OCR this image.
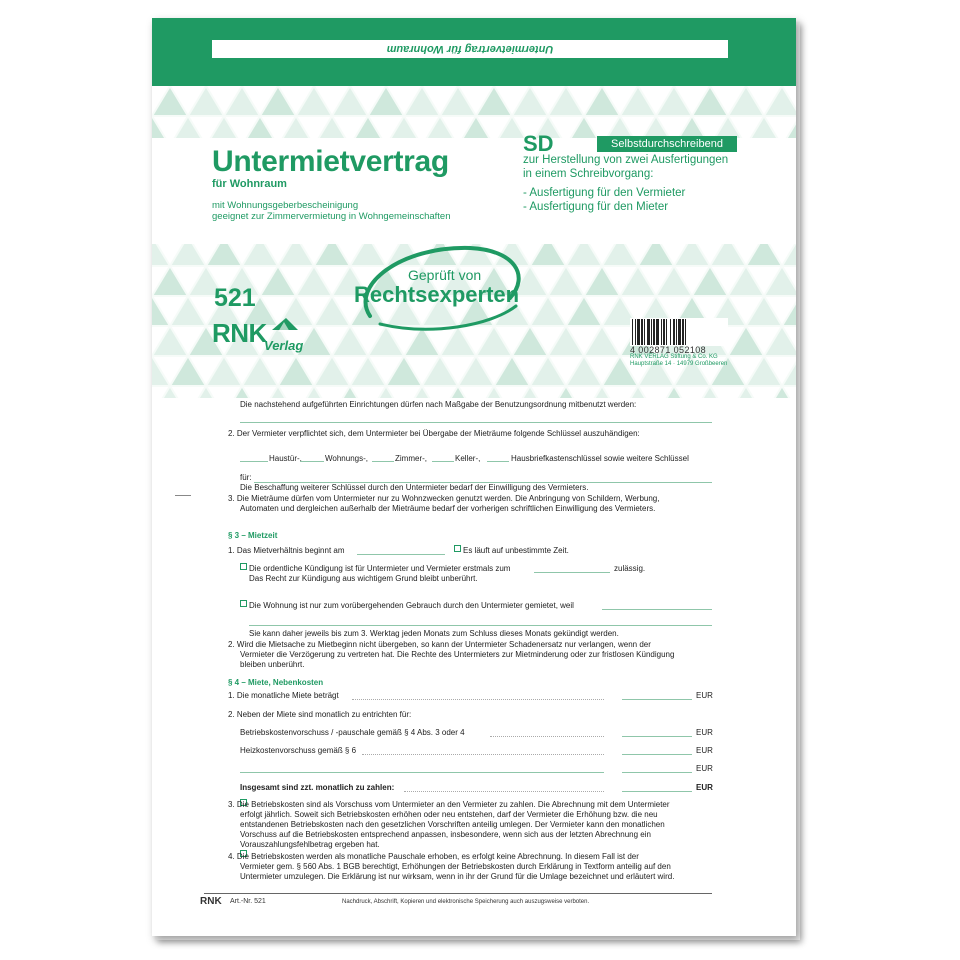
Untermietvertrag für Wohnraum
Untermietvertrag
für Wohnraum
mit Wohnungsgeberbescheinigung
geeignet zur Zimmervermietung in Wohngemeinschaften
SD	Selbstdurchschreibend
zur Herstellung von zwei Ausfertigungen
in einem Schreibvorgang:
- Ausfertigung für den Vermieter
- Ausfertigung für den Mieter
521
RNK
Verlag
Geprüft von
Rechtsexperten
4 002871 052108
RNK VERLAG Stiftung & Co. KG
Hauptstraße 14 · 14979 Großbeeren
Die nachstehend aufgeführten Einrichtungen dürfen nach Maßgabe der Benutzungsordnung mitbenutzt werden:
2. Der Vermieter verpflichtet sich, dem Untermieter bei Übergabe der Mieträume folgende Schlüssel auszuhändigen:
Haustür-,	Wohnungs-,	Zimmer-,	Keller-,	Hausbriefkastenschlüssel sowie weitere Schlüssel
für:
Die Beschaffung weiterer Schlüssel durch den Untermieter bedarf der Einwilligung des Vermieters.
3. Die Mieträume dürfen vom Untermieter nur zu Wohnzwecken genutzt werden. Die Anbringung von Schildern, Werbung,
Automaten und dergleichen außerhalb der Mieträume bedarf der vorherigen schriftlichen Einwilligung des Vermieters.
§ 3 – Mietzeit
1. Das Mietverhältnis beginnt am	Es läuft auf unbestimmte Zeit.
Die ordentliche Kündigung ist für Untermieter und Vermieter erstmals zum	zulässig.
Das Recht zur Kündigung aus wichtigem Grund bleibt unberührt.
Die Wohnung ist nur zum vorübergehenden Gebrauch durch den Untermieter gemietet, weil
Sie kann daher jeweils bis zum 3. Werktag jeden Monats zum Schluss dieses Monats gekündigt werden.
2. Wird die Mietsache zu Mietbeginn nicht übergeben, so kann der Untermieter Schadenersatz nur verlangen, wenn der
Vermieter die Verzögerung zu vertreten hat. Die Rechte des Untermieters zur Mietminderung oder zur fristlosen Kündigung
bleiben unberührt.
§ 4 – Miete, Nebenkosten
1. Die monatliche Miete beträgt	EUR
2. Neben der Miete sind monatlich zu entrichten für:
Betriebskostenvorschuss / -pauschale gemäß § 4 Abs. 3 oder 4	EUR
Heizkostenvorschuss gemäß § 6	EUR
EUR
Insgesamt sind zzt. monatlich zu zahlen:	EUR
3. Die Betriebskosten sind als Vorschuss vom Untermieter an den Vermieter zu zahlen. Die Abrechnung mit dem Untermieter
erfolgt jährlich. Soweit sich Betriebskosten erhöhen oder neu entstehen, darf der Vermieter die Erhöhung bzw. die neu
entstandenen Betriebskosten nach den gesetzlichen Vorschriften anteilig umlegen. Der Vermieter kann den monatlichen
Vorschuss auf die Betriebskosten entsprechend anpassen, insbesondere, wenn sich aus der letzten Abrechnung ein
Vorauszahlungsfehlbetrag ergeben hat.
4. Die Betriebskosten werden als monatliche Pauschale erhoben, es erfolgt keine Abrechnung. In diesem Fall ist der
Vermieter gem. § 560 Abs. 1 BGB berechtigt, Erhöhungen der Betriebskosten durch Erklärung in Textform anteilig auf den
Untermieter umzulegen. Die Erklärung ist nur wirksam, wenn in ihr der Grund für die Umlage bezeichnet und erläutert wird.
RNK Art.-Nr. 521	Nachdruck, Abschrift, Kopieren und elektronische Speicherung auch auszugsweise verboten.
